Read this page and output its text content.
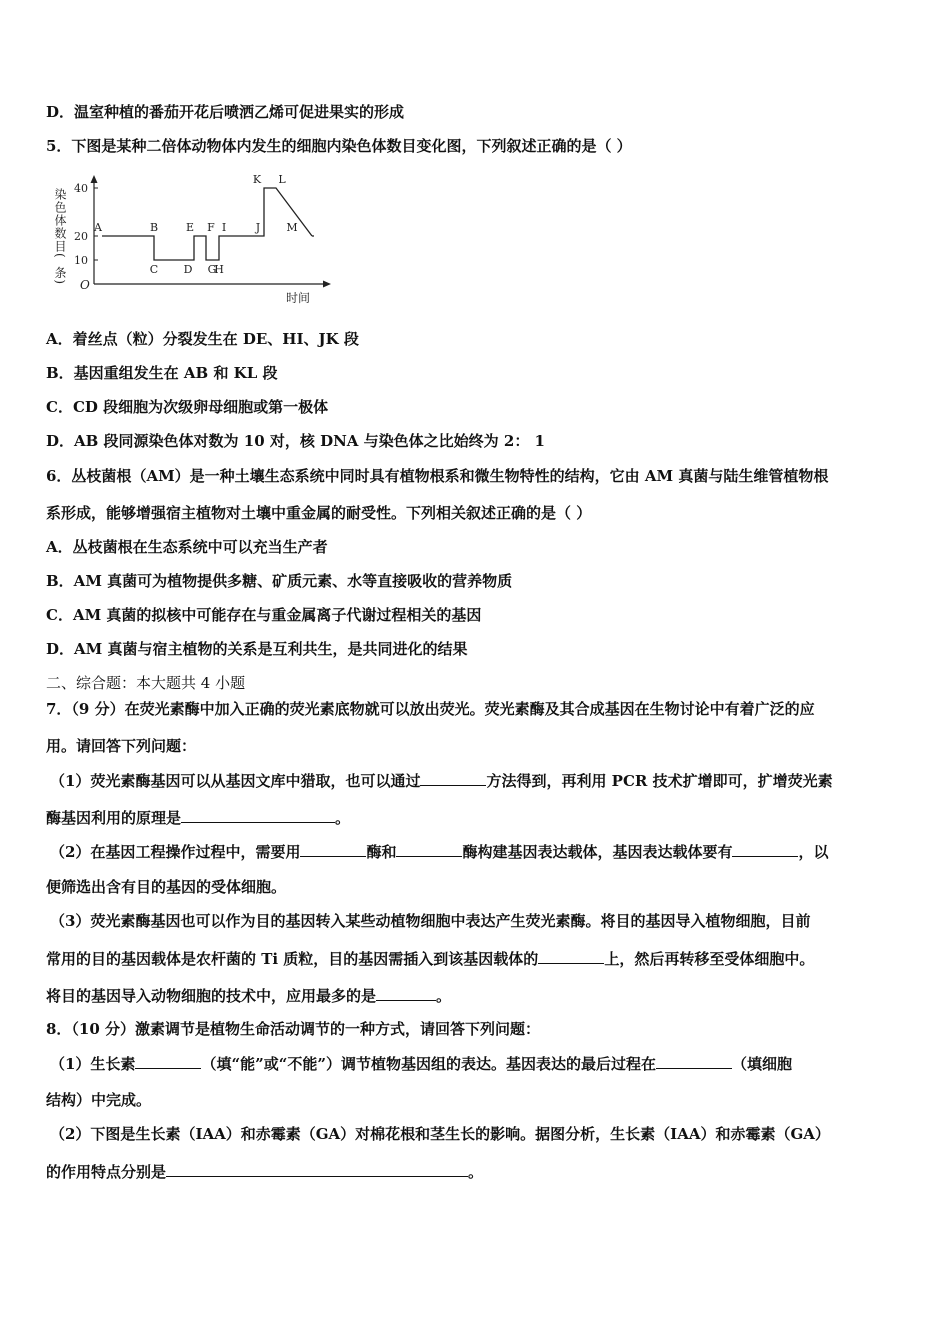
D．温室种植的番茄开花后喷洒乙烯可促进果实的形成
5．下图是某种二倍体动物体内发生的细胞内染色体数目变化图，下列叙述正确的是（ ）
染色体数目(条) O
时间
10
20
40
A	B
C D
E F
G
H
I	J
K L
M
A．着丝点（粒）分裂发生在 DE、HI、JK 段
B．基因重组发生在 AB 和 KL 段
C．CD 段细胞为次级卵母细胞或第一极体
D．AB 段同源染色体对数为 10 对，核 DNA 与染色体之比始终为 2： 1
6．丛枝菌根（AM）是一种土壤生态系统中同时具有植物根系和微生物特性的结构，它由 AM 真菌与陆生维管植物根
系形成，能够增强宿主植物对土壤中重金属的耐受性。下列相关叙述正确的是（ ）
A．丛枝菌根在生态系统中可以充当生产者
B．AM 真菌可为植物提供多糖、矿质元素、水等直接吸收的营养物质
C．AM 真菌的拟核中可能存在与重金属离子代谢过程相关的基因
D．AM 真菌与宿主植物的关系是互利共生，是共同进化的结果
二、综合题：本大题共 4 小题
7．（9 分）在荧光素酶中加入正确的荧光素底物就可以放出荧光。荧光素酶及其合成基因在生物讨论中有着广泛的应
用。请回答下列问题：
（1）荧光素酶基因可以从基因文库中猎取，也可以通过	方法得到，再利用 PCR 技术扩增即可，扩增荧光素
酶基因利用的原理是	。
（2）在基因工程操作过程中，需要用	酶和	酶构建基因表达载体，基因表达载体要有	，以
便筛选出含有目的基因的受体细胞。
（3）荧光素酶基因也可以作为目的基因转入某些动植物细胞中表达产生荧光素酶。将目的基因导入植物细胞，目前
常用的目的基因载体是农杆菌的 Ti 质粒，目的基因需插入到该基因载体的	上，然后再转移至受体细胞中。
将目的基因导入动物细胞的技术中，应用最多的是	。
8．（10 分）激素调节是植物生命活动调节的一种方式，请回答下列问题：
（1）生长素	（填“能”或“不能”）调节植物基因组的表达。基因表达的最后过程在	（填细胞
结构）中完成。
（2）下图是生长素（IAA）和赤霉素（GA）对棉花根和茎生长的影响。据图分析，生长素（IAA）和赤霉素（GA）
的作用特点分别是	。
